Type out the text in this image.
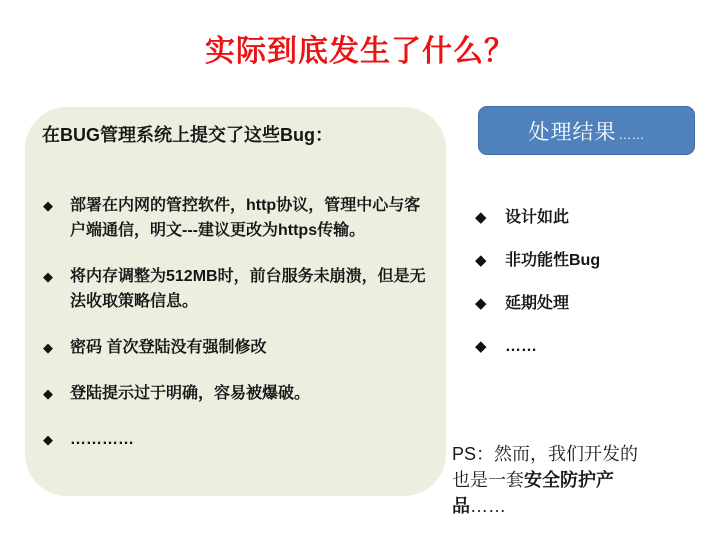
实际到底发生了什么？
在BUG管理系统上提交了这些Bug：
◆	部署在内网的管控软件，http协议，管理中心与客户端通信，明文---建议更改为https传输。
◆	将内存调整为512MB时，前台服务未崩溃，但是无法收取策略信息。
◆	密码 首次登陆没有强制修改
◆	登陆提示过于明确，容易被爆破。
◆	…………
处理结果 ……
◆	设计如此
◆	非功能性Bug
◆	延期处理
◆	……
PS：然而，我们开发的
也是一套安全防护产
品……
